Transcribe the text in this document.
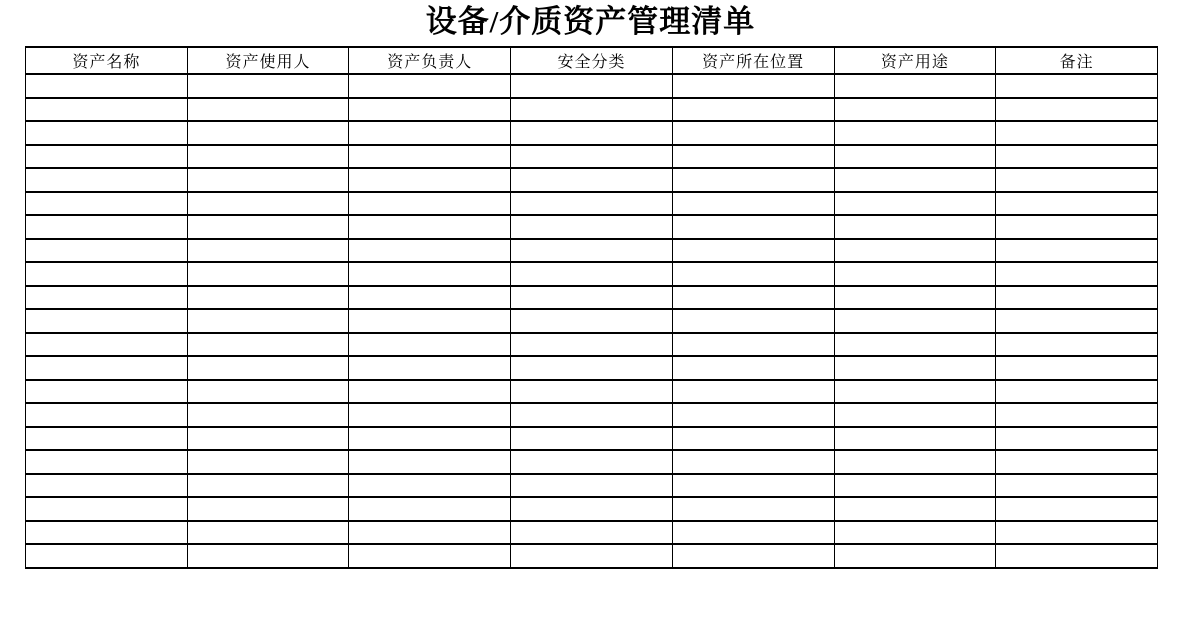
设备/介质资产管理清单
资产名称	资产使用人	资产负责人	安全分类	资产所在位置	资产用途	备注
